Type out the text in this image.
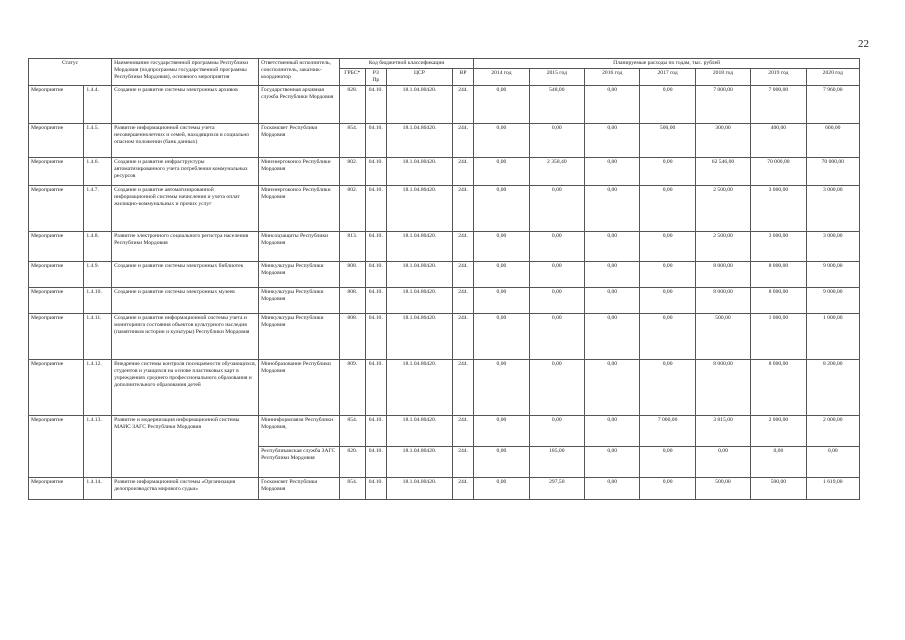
22
Статус		Наименование государственной программы Республики Мордовия (подпрограммы государственной программы Республики Мордовия), основного мероприятия	Ответственный исполнитель, соисполнитель, заказчик-координатор	Код бюджетной классификации				Планируемые расходы по годам, тыс. рублей						
				ГРБС*	РЗ
Пр	ЦСР	ВР	2014 год	2015 год	2016 год	2017 год	2018 год	2019 год	2020 год
Мероприятие	1.4.4.	Создание и развитие системы электронных архивов	Государственная архивная служба Республики Мордовия	828.	04.10.	18.1.04.80420.	244.	0,00	548,00	0,00	0,00	7 000,00	7 000,00	7 960,00
Мероприятие	1.4.5.	Развитие информационной системы учета несовершеннолетних и семей, находящихся в социально опасном положении (банк данных)	Госкомсвет Республики Мордовия	854.	04.10.	18.1.04.80420.	244.	0,00	0,00	0,00	500,00	300,00	400,00	600,00
Мероприятие	1.4.6.	Создание и развитие инфраструктуры автоматизированного учета потребления коммунальных ресурсов	Минэнергоконсо Республики Мордовия	802.	04.10.	18.1.04.80420.	244.	0,00	2 358,40	0,00	0,00	62 546,00	70 000,00	70 000,00
Мероприятие	1.4.7.	Создание и развитие автоматизированной информационной системы начисления и учета оплат жилищно-коммунальных и прочих услуг	Минэнергоконсо Республики Мордовия	802.	04.10.	18.1.04.80420.	244.	0,00	0,00	0,00	0,00	2 500,00	3 000,00	3 000,00
Мероприятие	1.4.8.	Развитие электронного социального регистра населения Республики Мордовия	Минсоцзащиты Республики Мордовия	813.	04.10.	18.1.04.80420.	244.	0,00	0,00	0,00	0,00	2 500,00	3 000,00	3 000,00
Мероприятие	1.4.9.	Создание и развитие системы электронных библиотек	Минкультуры Республики Мордовия	808.	04.10.	18.1.04.80420.	244.	0,00	0,00	0,00	0,00	8 000,00	8 000,00	9 000,00
Мероприятие	1.4.10.	Создание и развитие системы электронных музеев	Минкультуры Республики Мордовия	808.	04.10.	18.1.04.80420.	244.	0,00	0,00	0,00	0,00	8 000,00	8 000,00	9 000,00
Мероприятие	1.4.11.	Создание и развитие информационной системы учета и мониторинга состояния объектов культурного наследия (памятников истории и культуры) Республики Мордовия	Минкультуры Республики Мордовия	808.	04.10.	18.1.04.80420.	244.	0,00	0,00	0,00	0,00	500,00	1 000,00	1 000,00
Мероприятие	1.4.12.	Внедрение системы контроля посещаемости обучающихся, студентов и учащихся на основе пластиковых карт в учреждениях среднего профессионального образования и дополнительного образования детей	Минобразование Республики Мордовия	809.	04.10.	18.1.04.80420.	244.	0,00	0,00	0,00	0,00	8 000,00	8 000,00	8 200,00
Мероприятие	1.4.13.	Развитие и модернизация информационной системы МАИС ЗАГС Республики Мордовия	Мининформсвязи Республики Мордовия,	854.	04.10.	18.1.04.80420.	244.	0,00	0,00	0,00	7 000,00	3 815,00	2 000,00	2 000,00
			Республиканская служба ЗАГС Республики Мордовия	820.	04.10.	18.1.04.80420.	244.	0,00	185,00	0,00	0,00	0,00	0,00	0,00
Мероприятие	1.4.14.	Развитие информационной системы «Организация делопроизводства мирового судьи»	Госкомсвет Республики Мордовия	854.	04.10.	18.1.04.80420.	244.	0,00	297,50	0,00	0,00	500,00	500,00	1 619,00
